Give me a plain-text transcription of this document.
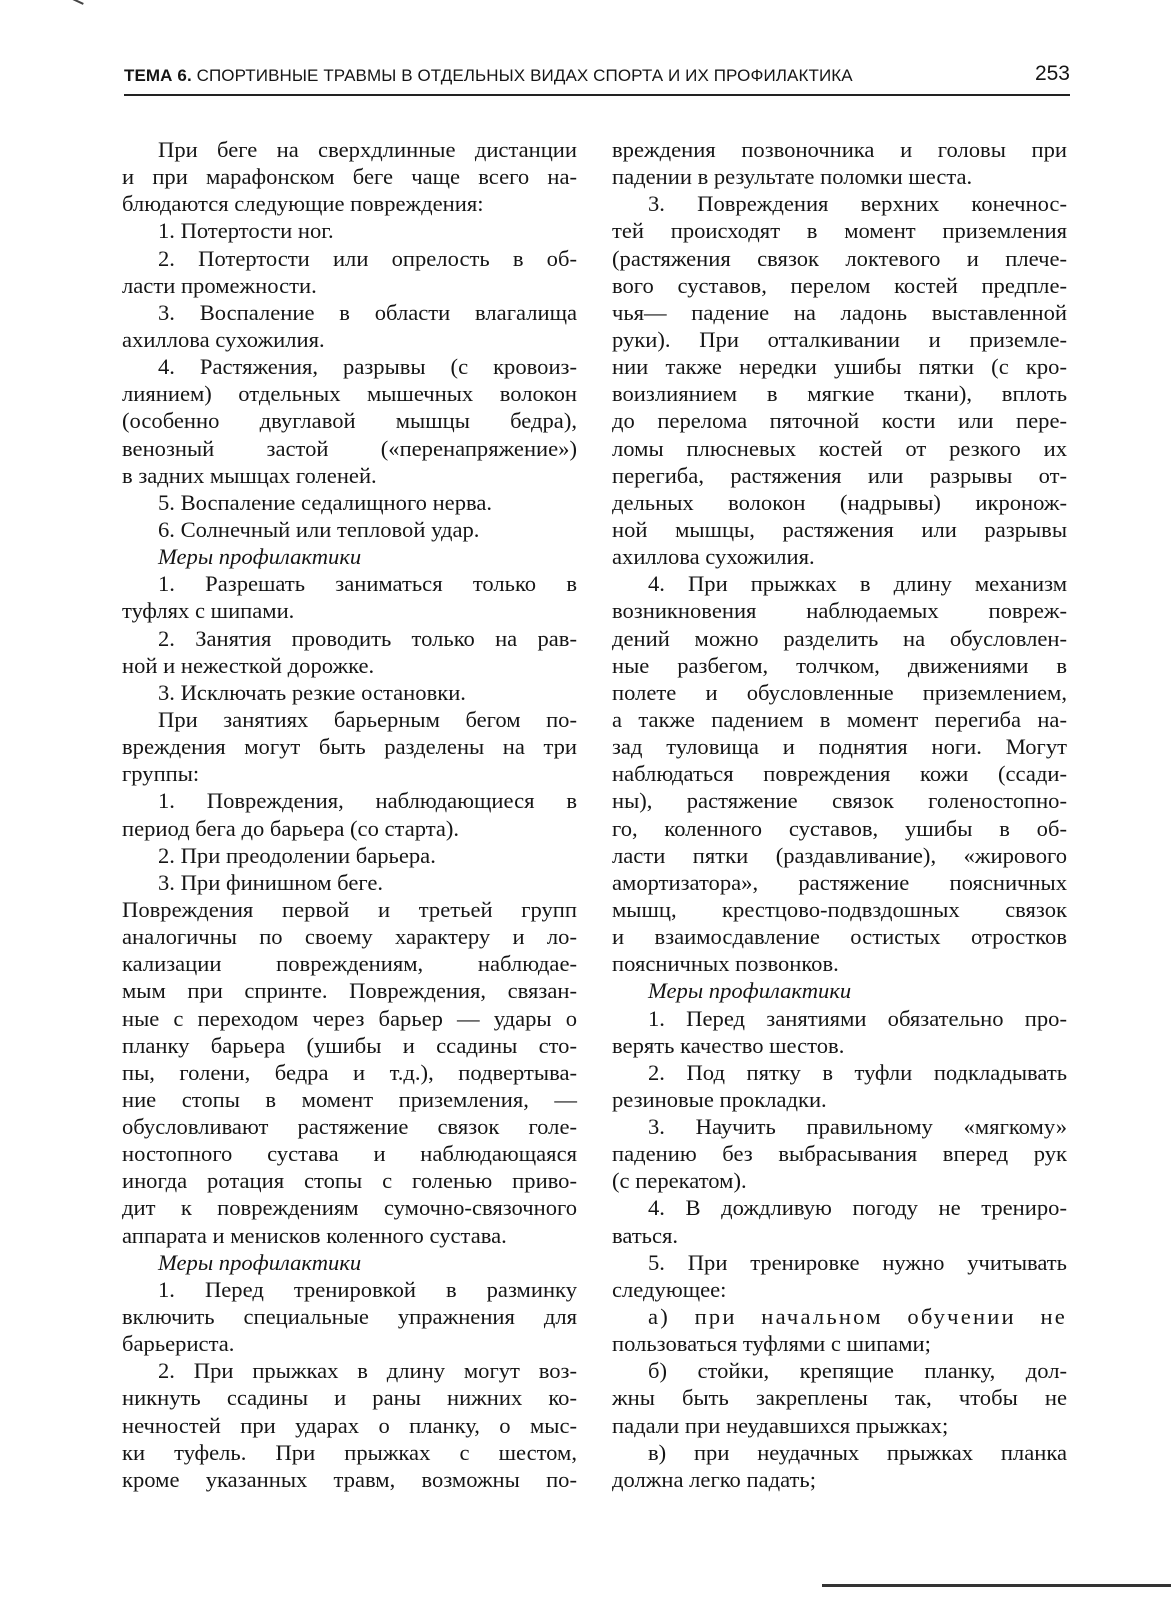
ТЕМА 6. СПОРТИВНЫЕ ТРАВМЫ В ОТДЕЛЬНЫХ ВИДАХ СПОРТА И ИХ ПРОФИЛАКТИКА	253
При беге на сверхдлинные дистанции
и при марафонском беге чаще всего на-
блюдаются следующие повреждения:
1. Потертости ног.
2. Потертости или опрелость в об-
ласти промежности.
3. Воспаление в области влагалища
ахиллова сухожилия.
4. Растяжения, разрывы (с кровоиз-
лиянием) отдельных мышечных волокон
(особенно двуглавой мышцы бедра),
венозный застой («перенапряжение»)
в задних мышцах голеней.
5. Воспаление седалищного нерва.
6. Солнечный или тепловой удар.
Меры профилактики
1. Разрешать заниматься только в
туфлях с шипами.
2. Занятия проводить только на рав-
ной и нежесткой дорожке.
3. Исключать резкие остановки.
При занятиях барьерным бегом по-
вреждения могут быть разделены на три
группы:
1. Повреждения, наблюдающиеся в
период бега до барьера (со старта).
2. При преодолении барьера.
3. При финишном беге.
Повреждения первой и третьей групп
аналогичны по своему характеру и ло-
кализации повреждениям, наблюдае-
мым при спринте. Повреждения, связан-
ные с переходом через барьер — удары о
планку барьера (ушибы и ссадины сто-
пы, голени, бедра и т.д.), подвертыва-
ние стопы в момент приземления, —
обусловливают растяжение связок голе-
ностопного сустава и наблюдающаяся
иногда ротация стопы с голенью приво-
дит к повреждениям сумочно-связочного
аппарата и менисков коленного сустава.
Меры профилактики
1. Перед тренировкой в разминку
включить специальные упражнения для
барьериста.
2. При прыжках в длину могут воз-
никнуть ссадины и раны нижних ко-
нечностей при ударах о планку, о мыс-
ки туфель. При прыжках с шестом,
кроме указанных травм, возможны по-
вреждения позвоночника и головы при
падении в результате поломки шеста.
3. Повреждения верхних конечнос-
тей происходят в момент приземления
(растяжения связок локтевого и плече-
вого суставов, перелом костей предпле-
чья— падение на ладонь выставленной
руки). При отталкивании и приземле-
нии также нередки ушибы пятки (с кро-
воизлиянием в мягкие ткани), вплоть
до перелома пяточной кости или пере-
ломы плюсневых костей от резкого их
перегиба, растяжения или разрывы от-
дельных волокон (надрывы) икронож-
ной мышцы, растяжения или разрывы
ахиллова сухожилия.
4. При прыжках в длину механизм
возникновения наблюдаемых повреж-
дений можно разделить на обусловлен-
ные разбегом, толчком, движениями в
полете и обусловленные приземлением,
а также падением в момент перегиба на-
зад туловища и поднятия ноги. Могут
наблюдаться повреждения кожи (ссади-
ны), растяжение связок голеностопно-
го, коленного суставов, ушибы в об-
ласти пятки (раздавливание), «жирового
амортизатора», растяжение поясничных
мышц, крестцово-подвздошных связок
и взаимосдавление остистых отростков
поясничных позвонков.
Меры профилактики
1. Перед занятиями обязательно про-
верять качество шестов.
2. Под пятку в туфли подкладывать
резиновые прокладки.
3. Научить правильному «мягкому»
падению без выбрасывания вперед рук
(с перекатом).
4. В дождливую погоду не трениро-
ваться.
5. При тренировке нужно учитывать
следующее:
а) при начальном обучении не
пользоваться туфлями с шипами;
б) стойки, крепящие планку, дол-
жны быть закреплены так, чтобы не
падали при неудавшихся прыжках;
в) при неудачных прыжках планка
должна легко падать;
